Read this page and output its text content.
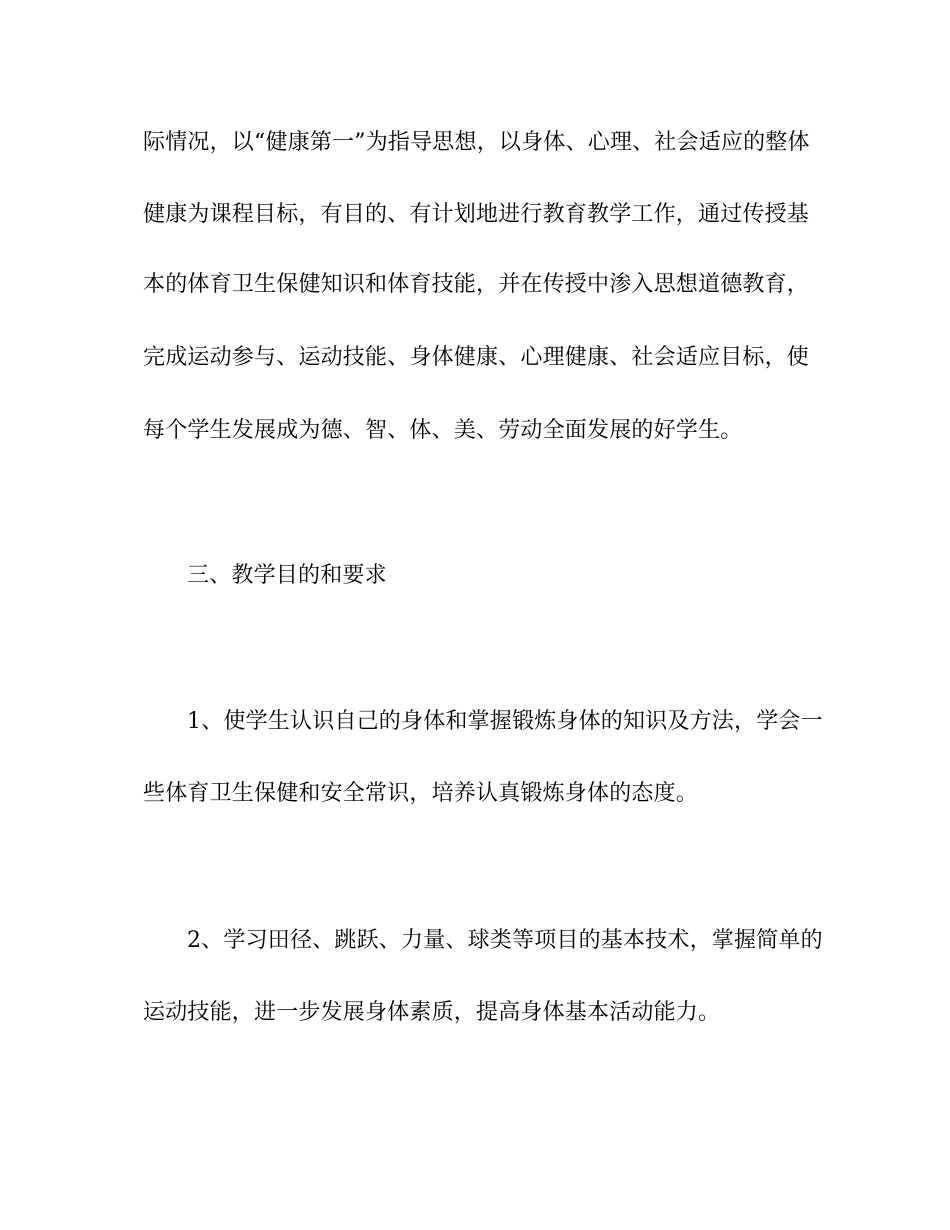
际情况，以“健康第一”为指导思想，以身体、心理、社会适应的整体
健康为课程目标，有目的、有计划地进行教育教学工作，通过传授基
本的体育卫生保健知识和体育技能，并在传授中渗入思想道德教育，
完成运动参与、运动技能、身体健康、心理健康、社会适应目标，使
每个学生发展成为德、智、体、美、劳动全面发展的好学生。
三、教学目的和要求
1、使学生认识自己的身体和掌握锻炼身体的知识及方法，学会一
些体育卫生保健和安全常识，培养认真锻炼身体的态度。
2、学习田径、跳跃、力量、球类等项目的基本技术，掌握简单的
运动技能，进一步发展身体素质，提高身体基本活动能力。
